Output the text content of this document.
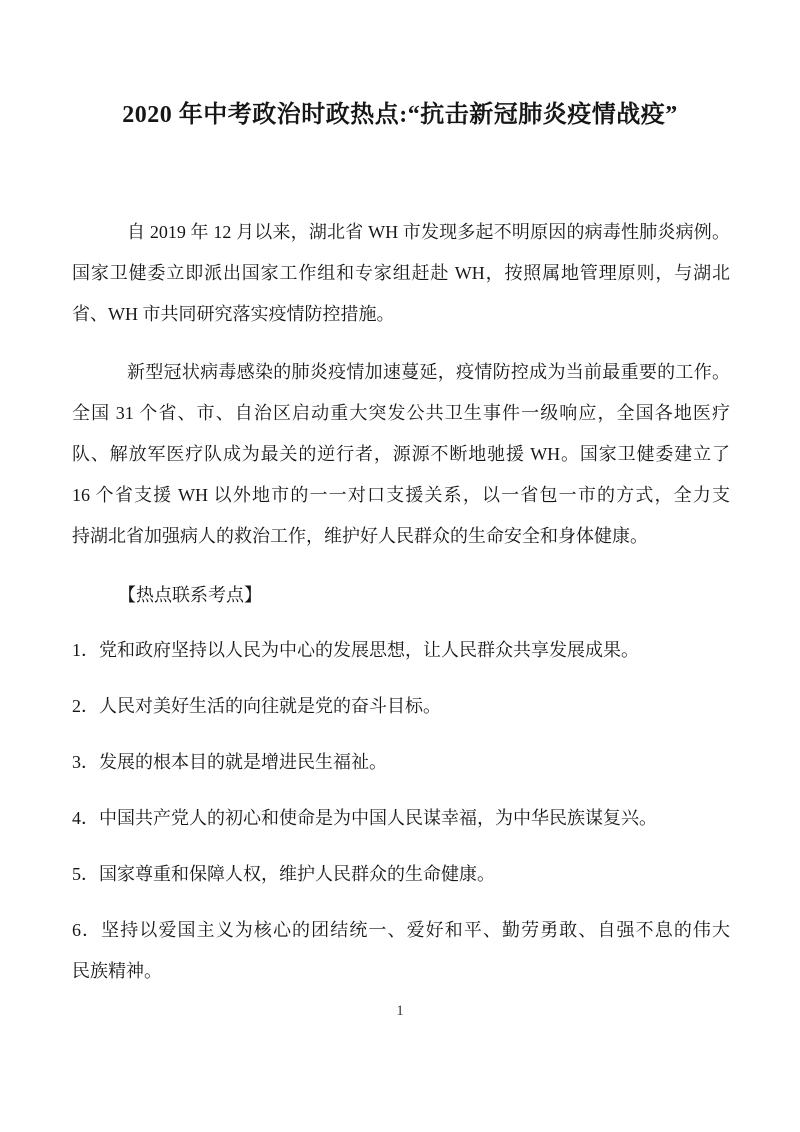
2020 年中考政治时政热点:“抗击新冠肺炎疫情战疫”
自 2019 年 12 月以来，湖北省 WH 市发现多起不明原因的病毒性肺炎病例。
国家卫健委立即派出国家工作组和专家组赶赴 WH，按照属地管理原则，与湖北
省、WH 市共同研究落实疫情防控措施。
新型冠状病毒感染的肺炎疫情加速蔓延，疫情防控成为当前最重要的工作。
全国 31 个省、市、自治区启动重大突发公共卫生事件一级响应，全国各地医疗
队、解放军医疗队成为最关的逆行者，源源不断地驰援 WH。国家卫健委建立了
16 个省支援 WH 以外地市的一一对口支援关系，以一省包一市的方式，全力支
持湖北省加强病人的救治工作，维护好人民群众的生命安全和身体健康。
【热点联系考点】
1．党和政府坚持以人民为中心的发展思想，让人民群众共享发展成果。
2．人民对美好生活的向往就是党的奋斗目标。
3．发展的根本目的就是增进民生福祉。
4．中国共产党人的初心和使命是为中国人民谋幸福，为中华民族谋复兴。
5．国家尊重和保障人权，维护人民群众的生命健康。
6．坚持以爱国主义为核心的团结统一、爱好和平、勤劳勇敢、自强不息的伟大
民族精神。
1
